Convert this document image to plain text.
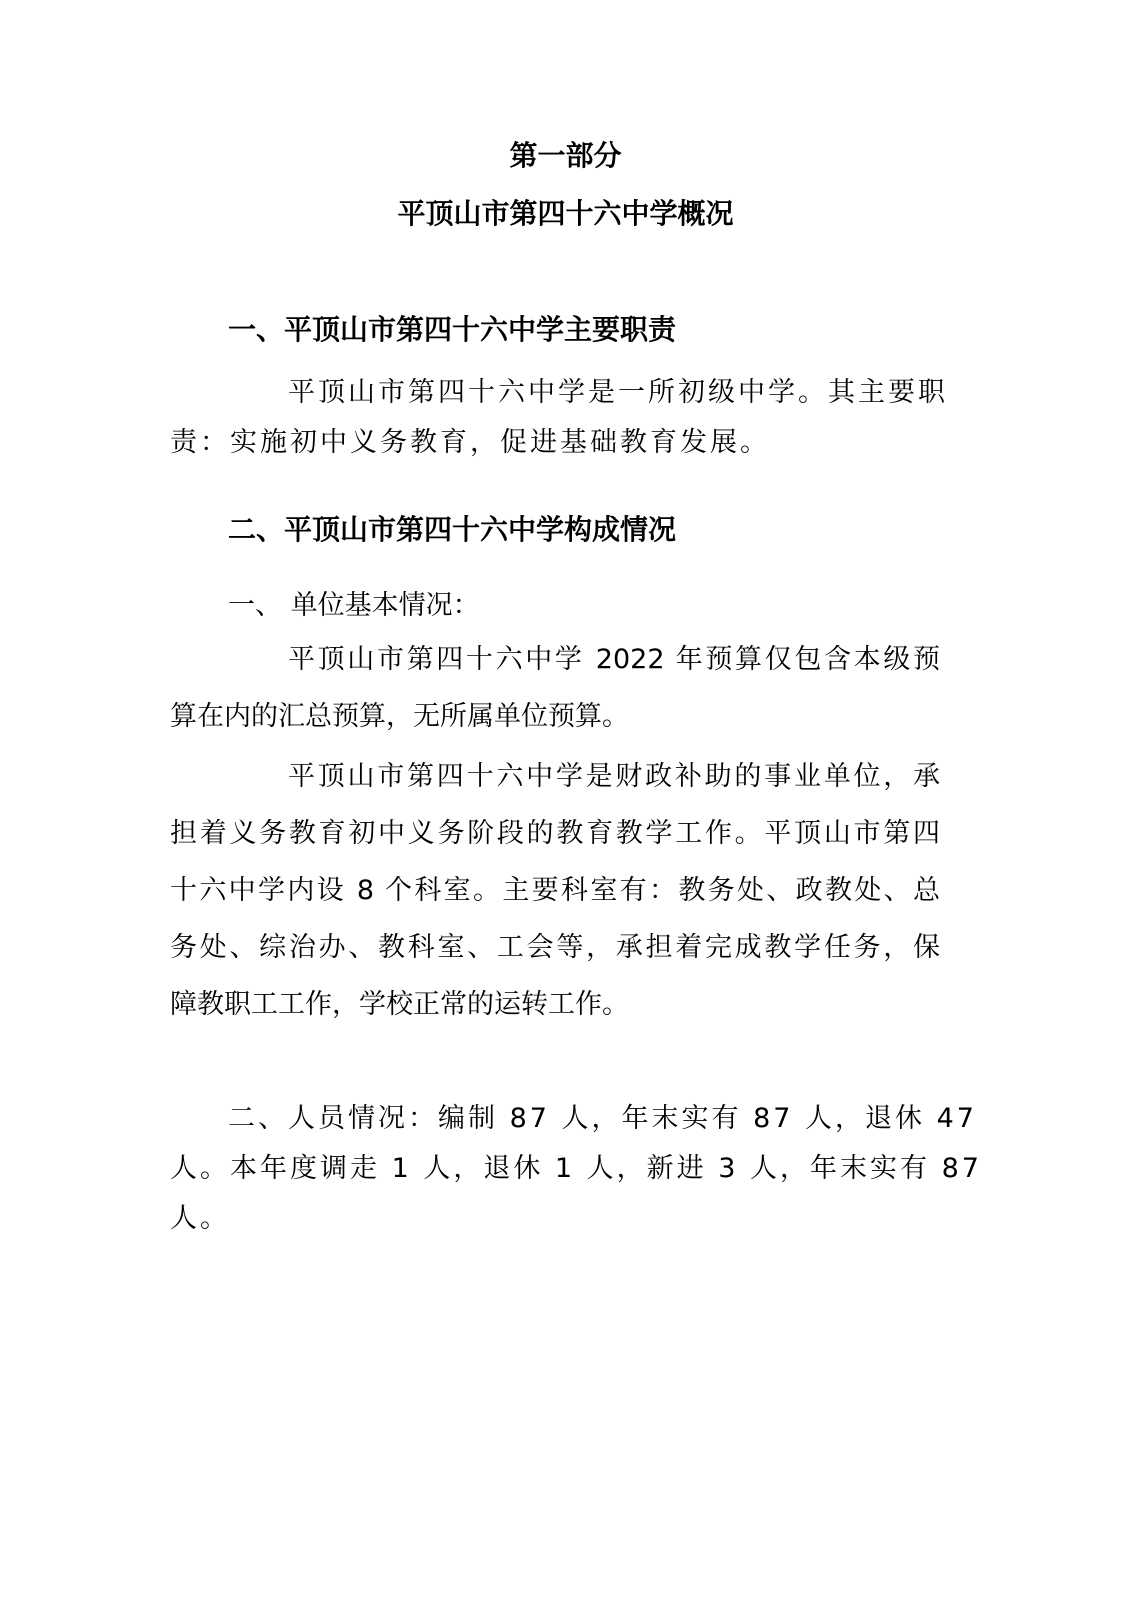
第一部分
平顶山市第四十六中学概况
一、平顶山市第四十六中学主要职责
平顶山市第四十六中学是一所初级中学。其主要职
责：实施初中义务教育，促进基础教育发展。
二、平顶山市第四十六中学构成情况
一、 单位基本情况：
平顶山市第四十六中学 2022 年预算仅包含本级预
算在内的汇总预算，无所属单位预算。
平顶山市第四十六中学是财政补助的事业单位，承
担着义务教育初中义务阶段的教育教学工作。平顶山市第四
十六中学内设 8 个科室。主要科室有：教务处、政教处、总
务处、综治办、教科室、工会等，承担着完成教学任务，保
障教职工工作，学校正常的运转工作。
二、人员情况：编制 87 人，年末实有 87 人，退休 47
人。本年度调走 1 人，退休 1 人，新进 3 人，年末实有 87
人。
